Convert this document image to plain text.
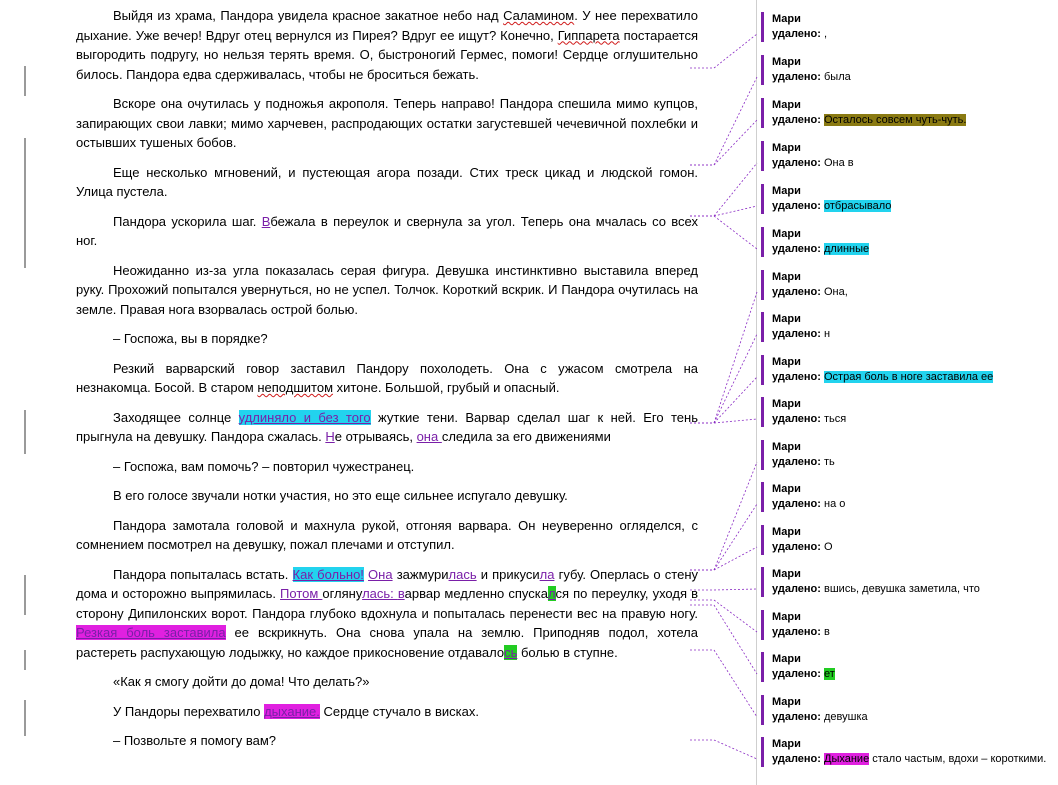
Выйдя из храма, Пандора увидела красное закатное небо над Саламином. У нее перехватило дыхание. Уже вечер! Вдруг отец вернулся из Пирея? Вдруг ее ищут? Конечно, Гиппарета постарается выгородить подругу, но нельзя терять время. О, быстроногий Гермес, помоги! Сердце оглушительно билось. Пандора едва сдерживалась, чтобы не броситься бежать.

Вскоре она очутилась у подножья акрополя. Теперь направо! Пандора спешила мимо купцов, запирающих свои лавки; мимо харчевен, распродающих остатки загустевшей чечевичной похлебки и остывших тушеных бобов.

Еще несколько мгновений, и пустеющая агора позади. Стих треск цикад и людской гомон. Улица пустела.

Пандора ускорила шаг. Вбежала в переулок и свернула за угол. Теперь она мчалась со всех ног.

Неожиданно из-за угла показалась серая фигура. Девушка инстинктивно выставила вперед руку. Прохожий попытался увернуться, но не успел. Толчок. Короткий вскрик. И Пандора очутилась на земле. Правая нога взорвалась острой болью.

– Госпожа, вы в порядке?

Резкий варварский говор заставил Пандору похолодеть. Она с ужасом смотрела на незнакомца. Босой. В старом неподшитом хитоне. Большой, грубый и опасный.

Заходящее солнце удлиняло и без того жуткие тени. Варвар сделал шаг к ней. Его тень прыгнула на девушку. Пандора сжалась. Не отрываясь, она следила за его движениями

– Госпожа, вам помочь? – повторил чужестранец.

В его голосе звучали нотки участия, но это еще сильнее испугало девушку.

Пандора замотала головой и махнула рукой, отгоняя варвара. Он неуверенно огляделся, с сомнением посмотрел на девушку, пожал плечами и отступил.

Пандора попыталась встать. Как больно! Она зажмурилась и прикусила губу. Оперлась о стену дома и осторожно выпрямилась. Потом оглянулась: варвар медленно спускался по переулку, уходя в сторону Дипилонских ворот. Пандора глубоко вдохнула и попыталась перенести вес на правую ногу. Резкая боль заставила ее вскрикнуть. Она снова упала на землю. Приподняв подол, хотела растереть распухающую лодыжку, но каждое прикосновение отдавалось болью в ступне.

«Как я смогу дойти до дома! Что делать?»

У Пандоры перехватило дыхание. Сердце стучало в висках.

– Позвольте я помогу вам?

Мари
удалено: ,
Мари
удалено: была
Мари
удалено: Осталось совсем чуть-чуть.
Мари
удалено: Она в
Мари
удалено: отбрасывало
Мари
удалено: длинные
Мари
удалено: Она,
Мари
удалено: н
Мари
удалено: Острая боль в ноге заставила ее
Мари
удалено: ться
Мари
удалено: ть
Мари
удалено: на о
Мари
удалено: О
Мари
удалено: вшись, девушка заметила, что
Мари
удалено: в
Мари
удалено: ет
Мари
удалено: девушка
Мари
удалено: Дыхание стало частым, вдохи – короткими.
